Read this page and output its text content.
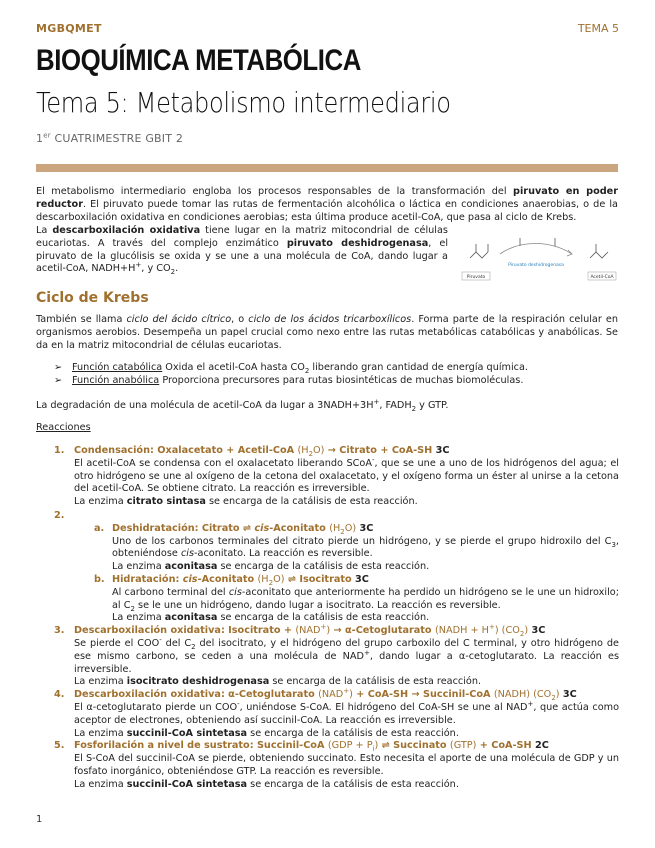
MGBQMET	TEMA 5
BIOQUÍMICA METABÓLICA
Tema 5: Metabolismo intermediario
1er CUATRIMESTRE GBIT 2
El metabolismo intermediario engloba los procesos responsables de la transformación del piruvato en poder reductor. El piruvato puede tomar las rutas de fermentación alcohólica o láctica en condiciones anaerobias, o de la descarboxilación oxidativa en condiciones aerobias; esta última produce acetil-CoA, que pasa al ciclo de Krebs.
La descarboxilación oxidativa tiene lugar en la matriz mitocondrial de células eucariotas. A través del complejo enzimático piruvato deshidrogenasa, el piruvato de la glucólisis se oxida y se une a una molécula de CoA, dando lugar a acetil-CoA, NADH+H+, y $CO_2$.
Piruvato
Piruvato deshidrogenasa
Acetil-CoA
Ciclo de Krebs
También se llama ciclo del ácido cítrico, o ciclo de los ácidos tricarboxílicos. Forma parte de la respiración celular en organismos aerobios. Desempeña un papel crucial como nexo entre las rutas metabólicas catabólicas y anabólicas. Se da en la matriz mitocondrial de células eucariotas.
➢ Función catabólica Oxida el acetil-CoA hasta $CO_2$ liberando gran cantidad de energía química.
➢ Función anabólica Proporciona precursores para rutas biosintéticas de muchas biomoléculas.
La degradación de una molécula de acetil-CoA da lugar a 3NADH+3H+, $FADH_2$ y GTP.
Reacciones
1. Condensación: Oxalacetato + Acetil-CoA $(H_2O)$ → Citrato + CoA-SH 3C
El acetil-CoA se condensa con el oxalacetato liberando SCoA-, que se une a uno de los hidrógenos del agua; el otro hidrógeno se une al oxígeno de la cetona del oxalacetato, y el oxígeno forma un éster al unirse a la cetona del acetil-CoA. Se obtiene citrato. La reacción es irreversible.
La enzima citrato sintasa se encarga de la catálisis de esta reacción.
2.
a. Deshidratación: Citrato ⇌ cis-Aconitato $(H_2O)$ 3C
Uno de los carbonos terminales del citrato pierde un hidrógeno, y se pierde el grupo hidroxilo del $C_3$, obteniéndose cis-aconitato. La reacción es reversible.
La enzima aconitasa se encarga de la catálisis de esta reacción.
b. Hidratación: cis-Aconitato $(H_2O)$ ⇌ Isocitrato 3C
Al carbono terminal del cis-aconitato que anteriormente ha perdido un hidrógeno se le une un hidroxilo; al $C_2$ se le une un hidrógeno, dando lugar a isocitrato. La reacción es reversible.
La enzima aconitasa se encarga de la catálisis de esta reacción.
3. Descarboxilación oxidativa: Isocitrato + (NAD+) → α-Cetoglutarato (NADH + H+) $(CO_2)$ 3C
Se pierde el COO- del $C_2$ del isocitrato, y el hidrógeno del grupo carboxilo del C terminal, y otro hidrógeno de ese mismo carbono, se ceden a una molécula de NAD+, dando lugar a α-cetoglutarato. La reacción es irreversible.
La enzima isocitrato deshidrogenasa se encarga de la catálisis de esta reacción.
4. Descarboxilación oxidativa: α-Cetoglutarato (NAD+) + CoA-SH → Succinil-CoA (NADH) $(CO_2)$ 3C
El α-cetoglutarato pierde un COO-, uniéndose S-CoA. El hidrógeno del CoA-SH se une al NAD+, que actúa como aceptor de electrones, obteniendo así succinil-CoA. La reacción es irreversible.
La enzima succinil-CoA sintetasa se encarga de la catálisis de esta reacción.
5. Fosforilación a nivel de sustrato: Succinil-CoA $(GDP + P_i)$ ⇌ Succinato (GTP) + CoA-SH 2C
El S-CoA del succinil-CoA se pierde, obteniendo succinato. Esto necesita el aporte de una molécula de GDP y un fosfato inorgánico, obteniéndose GTP. La reacción es reversible.
La enzima succinil-CoA sintetasa se encarga de la catálisis de esta reacción.
1
